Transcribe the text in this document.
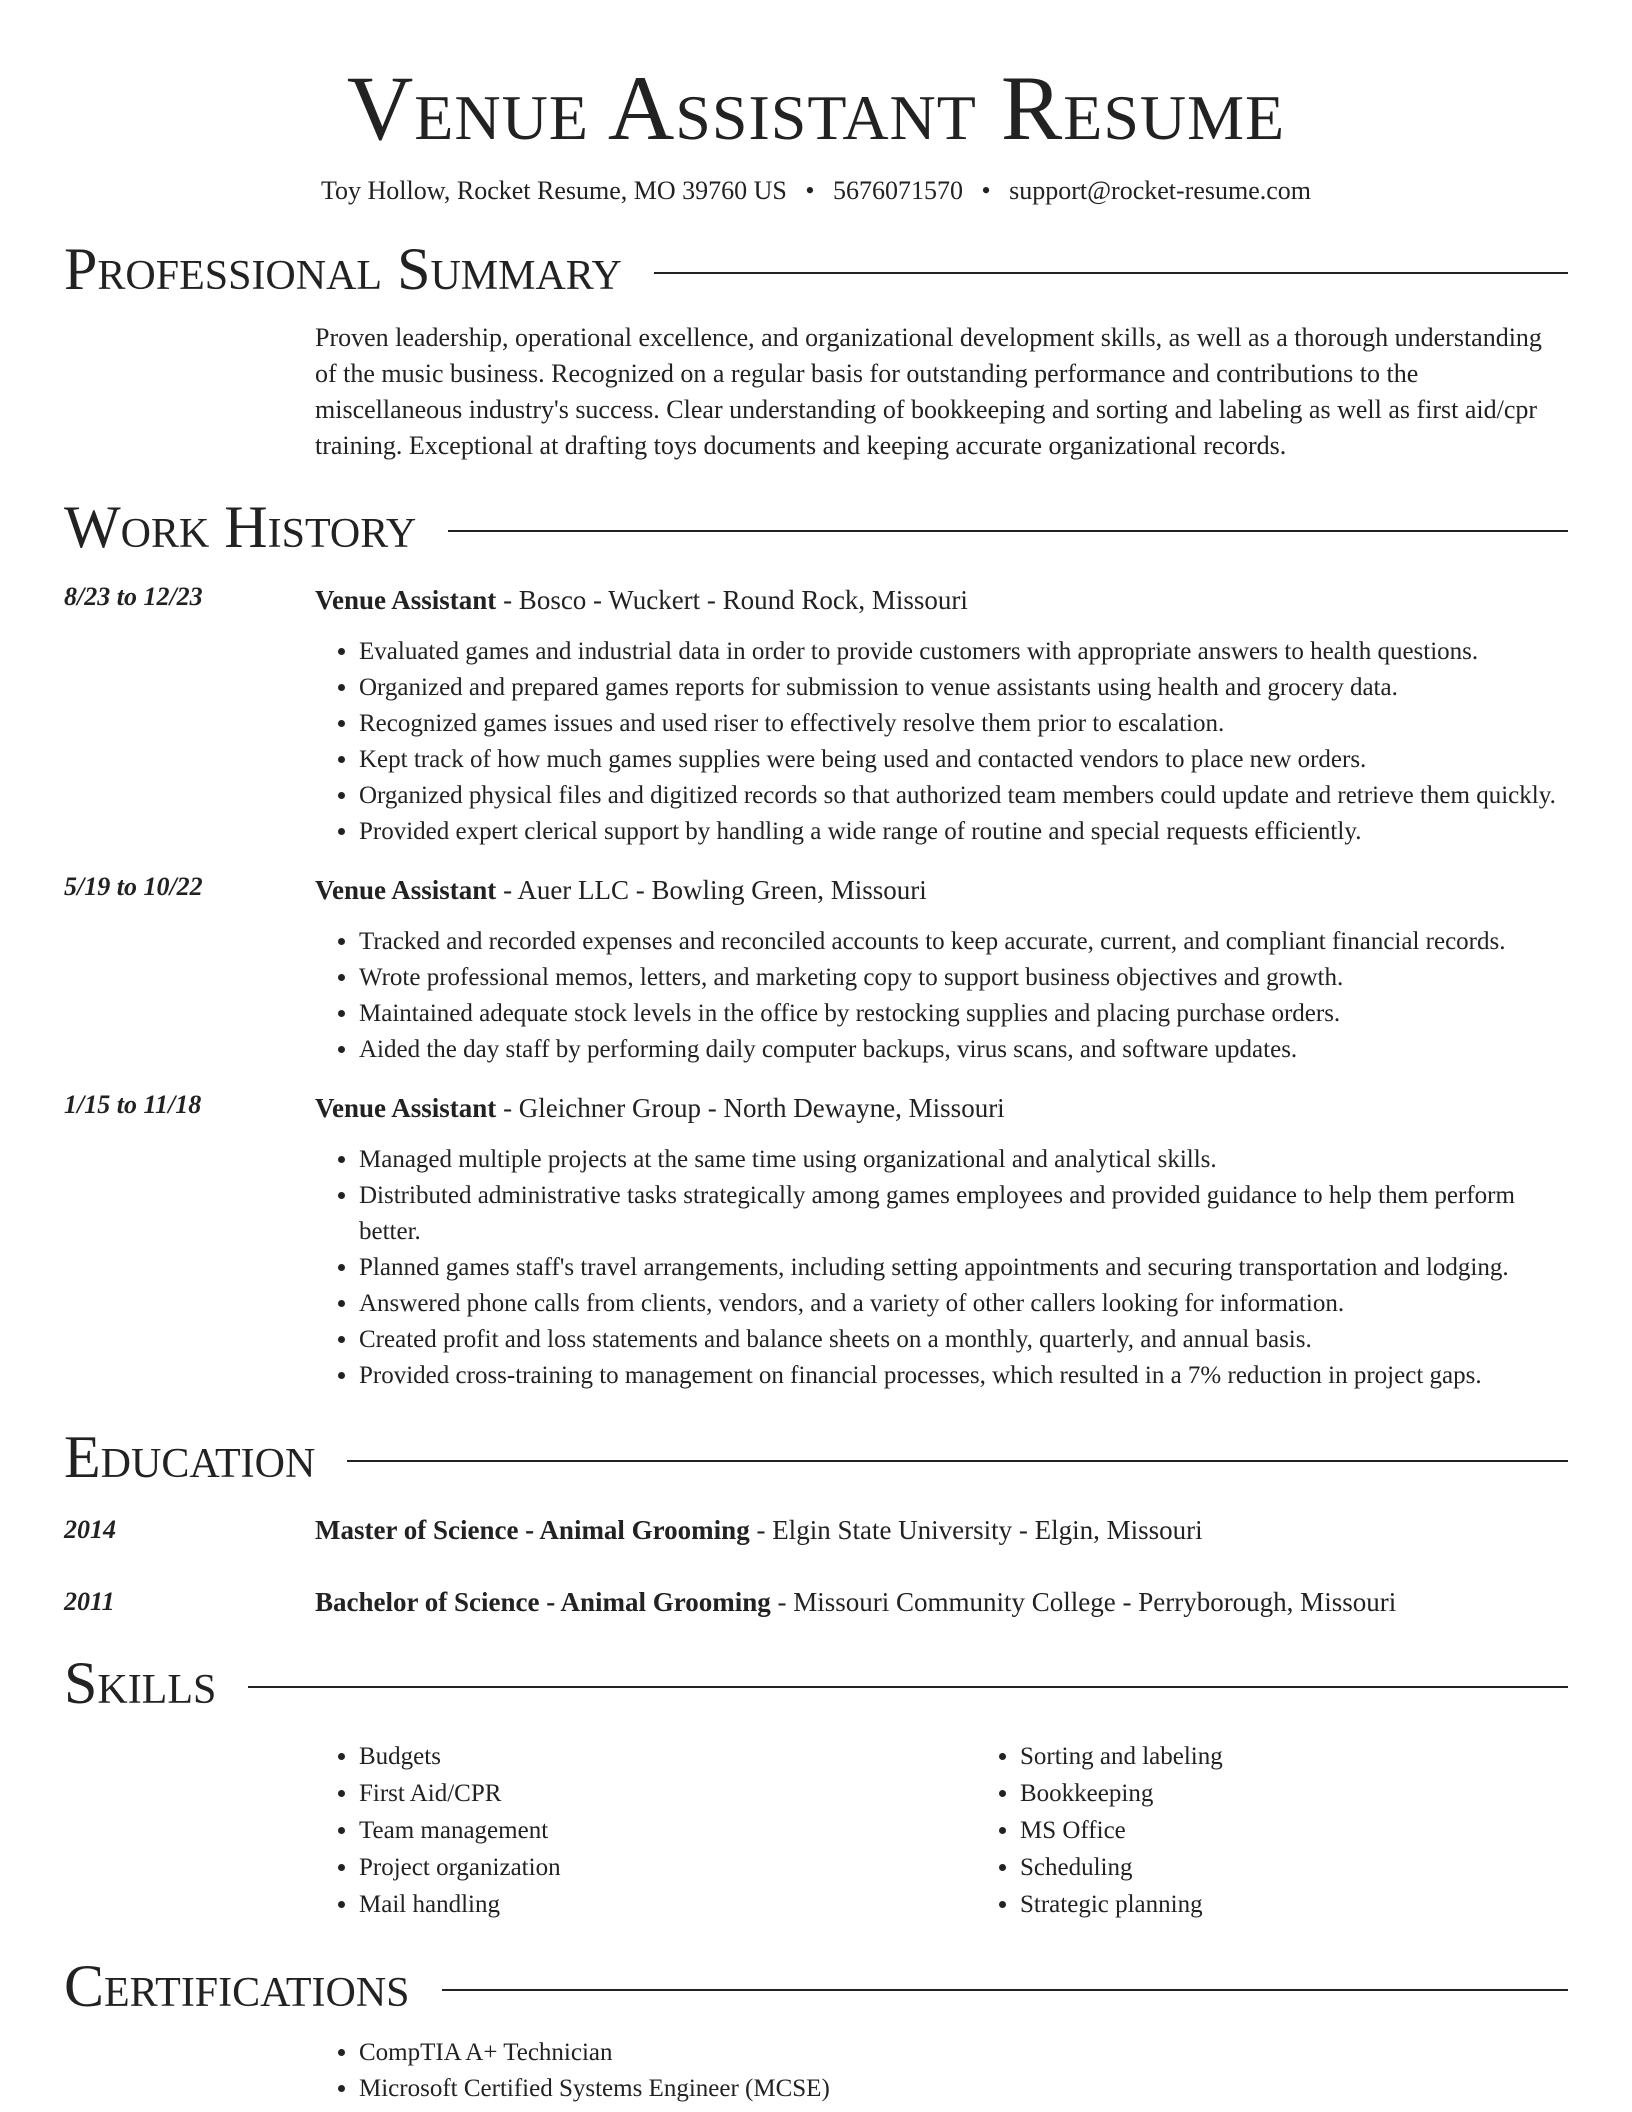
Venue Assistant Resume
Toy Hollow, Rocket Resume, MO 39760 US • 5676071570 • support@rocket-resume.com
Professional Summary
Proven leadership, operational excellence, and organizational development skills, as well as a thorough understanding of the music business. Recognized on a regular basis for outstanding performance and contributions to the miscellaneous industry's success. Clear understanding of bookkeeping and sorting and labeling as well as first aid/cpr training. Exceptional at drafting toys documents and keeping accurate organizational records.
Work History
8/23 to 12/23	Venue Assistant - Bosco - Wuckert - Round Rock, Missouri
• Evaluated games and industrial data in order to provide customers with appropriate answers to health questions.
• Organized and prepared games reports for submission to venue assistants using health and grocery data.
• Recognized games issues and used riser to effectively resolve them prior to escalation.
• Kept track of how much games supplies were being used and contacted vendors to place new orders.
• Organized physical files and digitized records so that authorized team members could update and retrieve them quickly.
• Provided expert clerical support by handling a wide range of routine and special requests efficiently.
5/19 to 10/22	Venue Assistant - Auer LLC - Bowling Green, Missouri
• Tracked and recorded expenses and reconciled accounts to keep accurate, current, and compliant financial records.
• Wrote professional memos, letters, and marketing copy to support business objectives and growth.
• Maintained adequate stock levels in the office by restocking supplies and placing purchase orders.
• Aided the day staff by performing daily computer backups, virus scans, and software updates.
1/15 to 11/18	Venue Assistant - Gleichner Group - North Dewayne, Missouri
• Managed multiple projects at the same time using organizational and analytical skills.
• Distributed administrative tasks strategically among games employees and provided guidance to help them perform better.
• Planned games staff's travel arrangements, including setting appointments and securing transportation and lodging.
• Answered phone calls from clients, vendors, and a variety of other callers looking for information.
• Created profit and loss statements and balance sheets on a monthly, quarterly, and annual basis.
• Provided cross-training to management on financial processes, which resulted in a 7% reduction in project gaps.
Education
2014	Master of Science - Animal Grooming - Elgin State University - Elgin, Missouri
2011	Bachelor of Science - Animal Grooming - Missouri Community College - Perryborough, Missouri
Skills
• Budgets
• First Aid/CPR
• Team management
• Project organization
• Mail handling
• Sorting and labeling
• Bookkeeping
• MS Office
• Scheduling
• Strategic planning
Certifications
• CompTIA A+ Technician
• Microsoft Certified Systems Engineer (MCSE)
